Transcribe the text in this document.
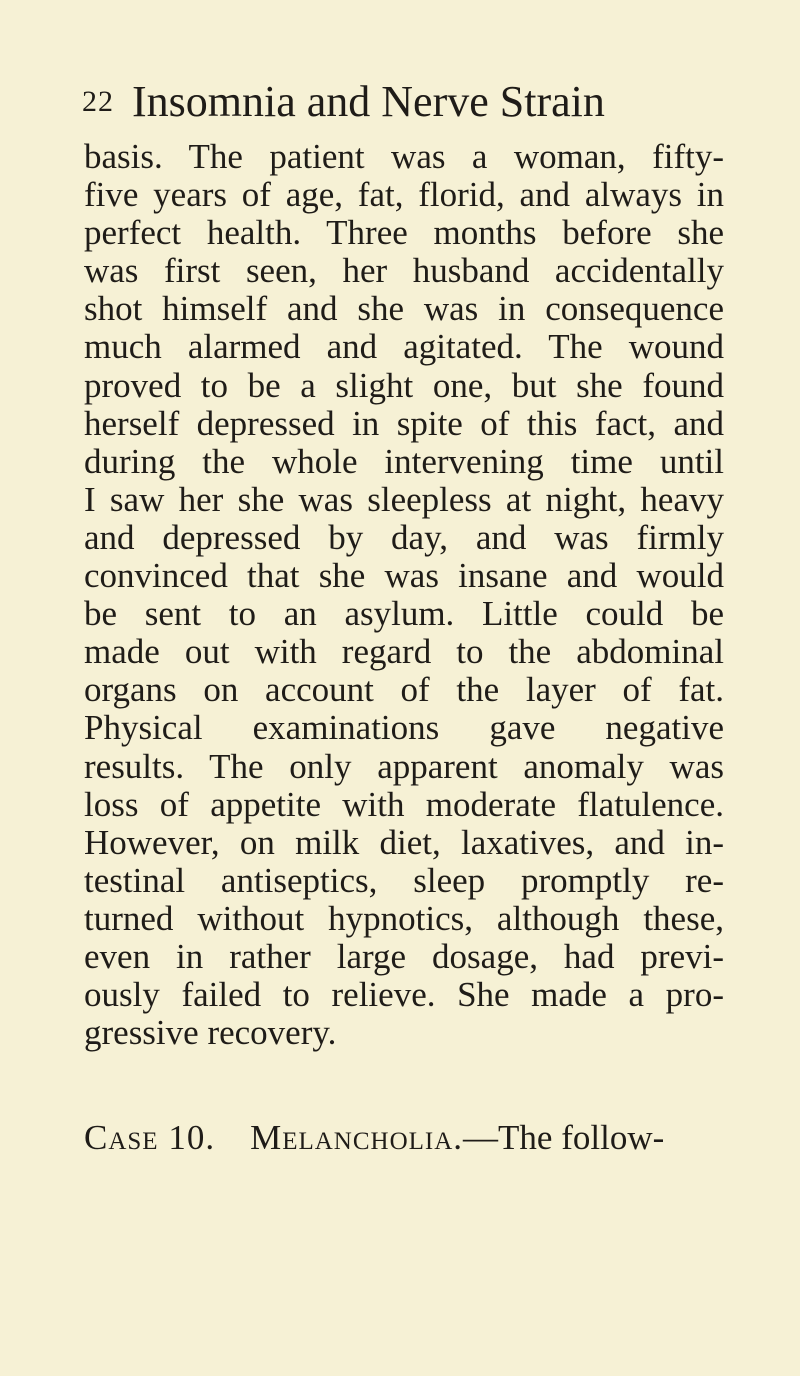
22 Insomnia and Nerve Strain
basis. The patient was a woman, fifty-
five years of age, fat, florid, and always in
perfect health. Three months before she
was first seen, her husband accidentally
shot himself and she was in consequence
much alarmed and agitated. The wound
proved to be a slight one, but she found
herself depressed in spite of this fact, and
during the whole intervening time until
I saw her she was sleepless at night, heavy
and depressed by day, and was firmly
convinced that she was insane and would
be sent to an asylum. Little could be
made out with regard to the abdominal
organs on account of the layer of fat.
Physical examinations gave negative
results. The only apparent anomaly was
loss of appetite with moderate flatulence.
However, on milk diet, laxatives, and in-
testinal antiseptics, sleep promptly re-
turned without hypnotics, although these,
even in rather large dosage, had previ-
ously failed to relieve. She made a pro-
gressive recovery.
Case 10. Melancholia.—The follow-
